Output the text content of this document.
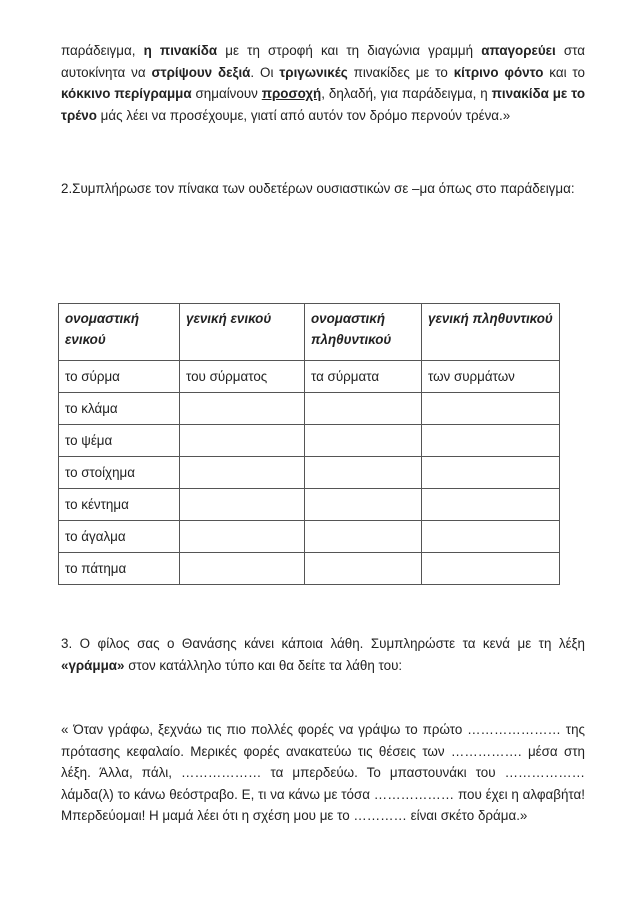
παράδειγμα, η πινακίδα με τη στροφή και τη διαγώνια γραμμή απαγορεύει στα αυτοκίνητα να στρίψουν δεξιά. Οι τριγωνικές πινακίδες με το κίτρινο φόντο και το κόκκινο περίγραμμα σημαίνουν προσοχή, δηλαδή, για παράδειγμα, η πινακίδα με το τρένο μάς λέει να προσέχουμε, γιατί από αυτόν τον δρόμο περνούν τρένα.»

2.Συμπλήρωσε τον πίνακα των ουδετέρων ουσιαστικών σε –μα όπως στο παράδειγμα:

ονομαστική ενικού	γενική ενικού	ονομαστική πληθυντικού	γενική πληθυντικού
το σύρμα	του σύρματος	τα σύρματα	των συρμάτων
το κλάμα			
το ψέμα			
το στοίχημα			
το κέντημα			
το άγαλμα			
το πάτημα			

3. Ο φίλος σας ο Θανάσης κάνει κάποια λάθη. Συμπληρώστε τα κενά με τη λέξη «γράμμα» στον κατάλληλο τύπο και θα δείτε τα λάθη του:

« Όταν γράφω, ξεχνάω τις πιο πολλές φορές να γράψω το πρώτο ………………… της πρότασης κεφαλαίο. Μερικές φορές ανακατεύω τις θέσεις των ……………. μέσα στη λέξη. Άλλα, πάλι, ……………… τα μπερδεύω. Το μπαστουνάκι του ……………… λάμδα(λ) το κάνω θεόστραβο. Ε, τι να κάνω με τόσα ……………… που έχει η αλφαβήτα! Μπερδεύομαι! Η μαμά λέει ότι η σχέση μου με το ………… είναι σκέτο δράμα.»
